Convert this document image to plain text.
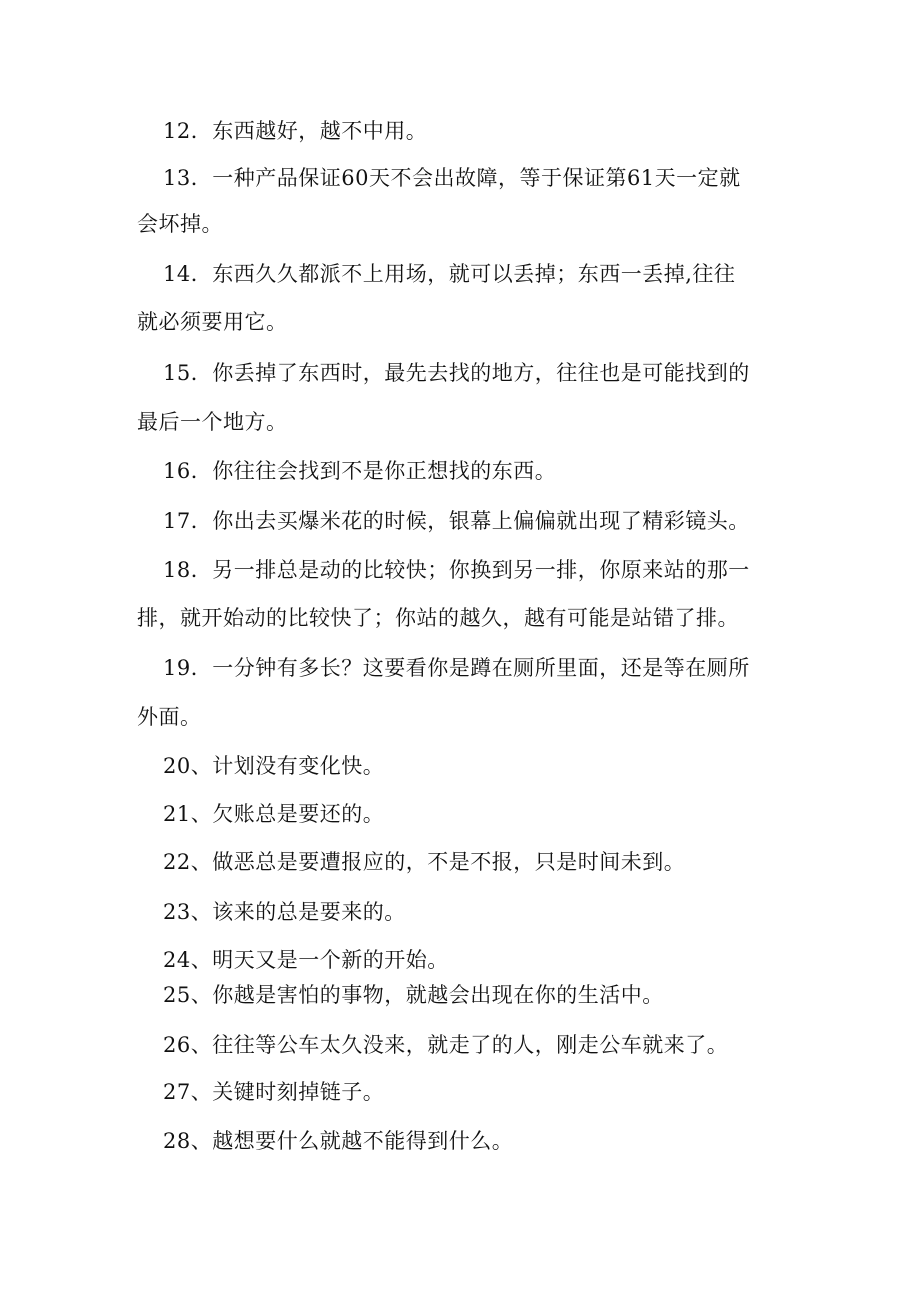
12．东西越好，越不中用。
13．一种产品保证60天不会出故障，等于保证第61天一定就
会坏掉。
14．东西久久都派不上用场，就可以丢掉；东西一丢掉,往往
就必须要用它。
15．你丢掉了东西时，最先去找的地方，往往也是可能找到的
最后一个地方。
16．你往往会找到不是你正想找的东西。
17．你出去买爆米花的时候，银幕上偏偏就出现了精彩镜头。
18．另一排总是动的比较快；你换到另一排，你原来站的那一
排，就开始动的比较快了；你站的越久，越有可能是站错了排。
19．一分钟有多长？这要看你是蹲在厕所里面，还是等在厕所
外面。
20、计划没有变化快。
21、欠账总是要还的。
22、做恶总是要遭报应的，不是不报，只是时间未到。
23、该来的总是要来的。
24、明天又是一个新的开始。
25、你越是害怕的事物，就越会出现在你的生活中。
26、往往等公车太久没来，就走了的人，刚走公车就来了。
27、关键时刻掉链子。
28、越想要什么就越不能得到什么。
